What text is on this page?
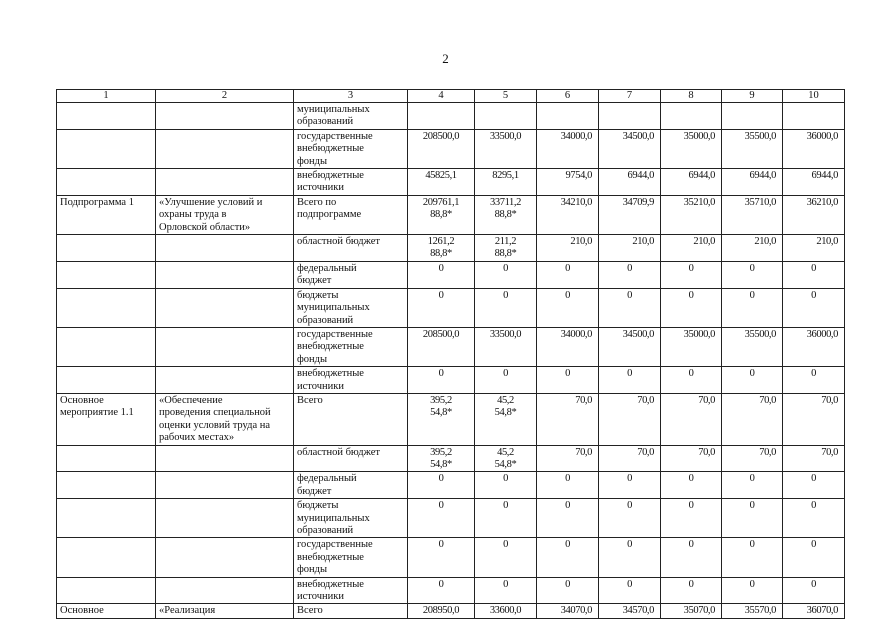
2
1	2	3	4	5	6	7	8	9	10
		муниципальных
образований							
		государственные
внебюджетные
фонды	208500,0	33500,0	34000,0	34500,0	35000,0	35500,0	36000,0
		внебюджетные
источники	45825,1	8295,1	9754,0	6944,0	6944,0	6944,0	6944,0
Подпрограмма 1	«Улучшение условий и
охраны труда в
Орловской области»	Всего по
подпрограмме	209761,1
88,8*	33711,2
88,8*	34210,0	34709,9	35210,0	35710,0	36210,0
		областной бюджет	1261,2
88,8*	211,2
88,8*	210,0	210,0	210,0	210,0	210,0
		федеральный
бюджет	0	0	0	0	0	0	0
		бюджеты
муниципальных
образований	0	0	0	0	0	0	0
		государственные
внебюджетные
фонды	208500,0	33500,0	34000,0	34500,0	35000,0	35500,0	36000,0
		внебюджетные
источники	0	0	0	0	0	0	0
Основное
мероприятие 1.1	«Обеспечение
проведения специальной
оценки условий труда на
рабочих местах»	Всего	395,2
54,8*	45,2
54,8*	70,0	70,0	70,0	70,0	70,0
		областной бюджет	395,2
54,8*	45,2
54,8*	70,0	70,0	70,0	70,0	70,0
		федеральный
бюджет	0	0	0	0	0	0	0
		бюджеты
муниципальных
образований	0	0	0	0	0	0	0
		государственные
внебюджетные
фонды	0	0	0	0	0	0	0
		внебюджетные
источники	0	0	0	0	0	0	0
Основное	«Реализация	Всего	208950,0	33600,0	34070,0	34570,0	35070,0	35570,0	36070,0
